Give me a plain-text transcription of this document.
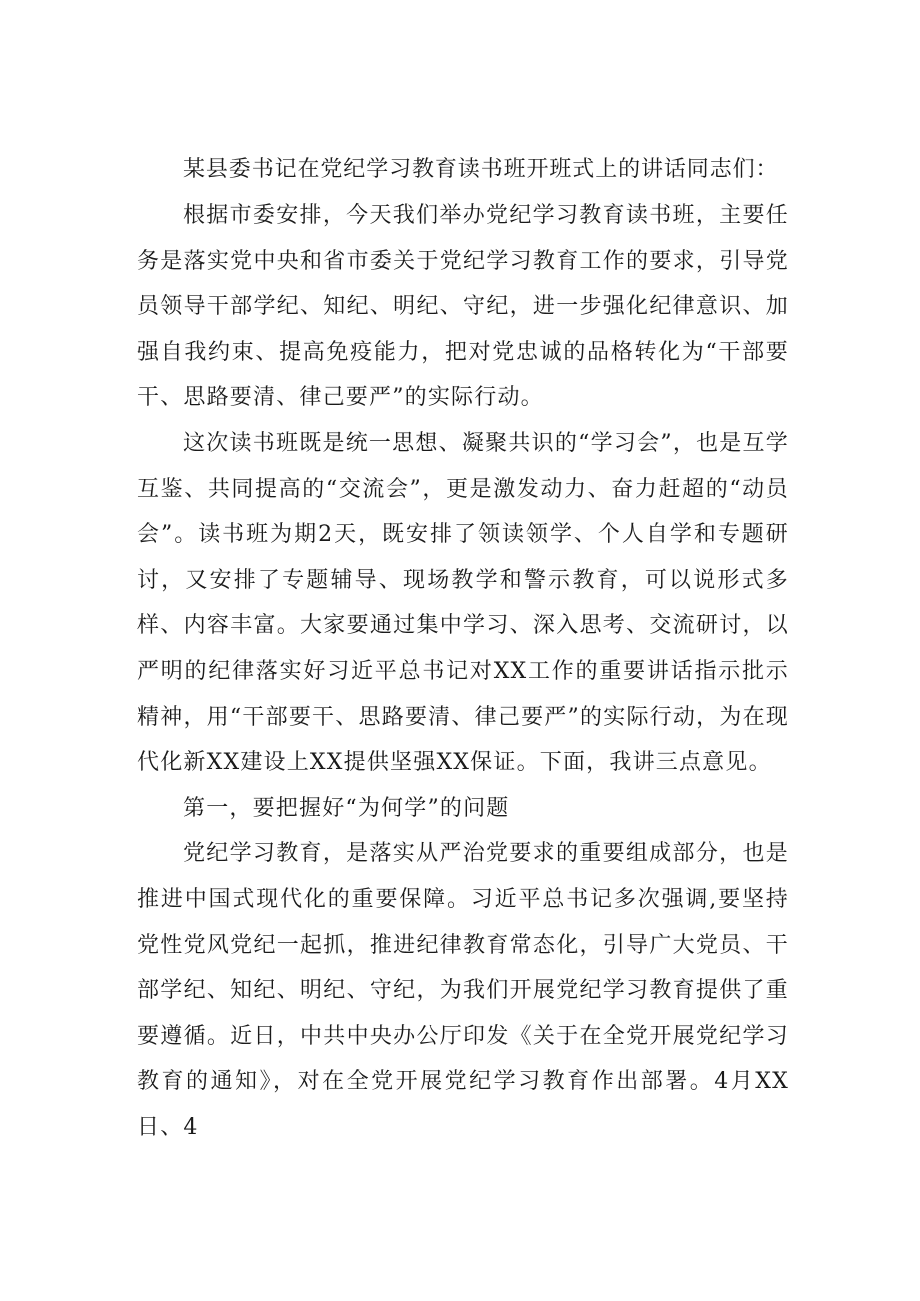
某县委书记在党纪学习教育读书班开班式上的讲话同志们：

根据市委安排，今天我们举办党纪学习教育读书班，主要任务是落实党中央和省市委关于党纪学习教育工作的要求，引导党员领导干部学纪、知纪、明纪、守纪，进一步强化纪律意识、加强自我约束、提高免疫能力，把对党忠诚的品格转化为“干部要干、思路要清、律己要严”的实际行动。

这次读书班既是统一思想、凝聚共识的“学习会”，也是互学互鉴、共同提高的“交流会”，更是激发动力、奋力赶超的“动员会”。读书班为期2天，既安排了领读领学、个人自学和专题研讨，又安排了专题辅导、现场教学和警示教育，可以说形式多样、内容丰富。大家要通过集中学习、深入思考、交流研讨，以严明的纪律落实好习近平总书记对XX工作的重要讲话指示批示精神，用“干部要干、思路要清、律己要严”的实际行动，为在现代化新XX建设上XX提供坚强XX保证。下面，我讲三点意见。

第一，要把握好“为何学”的问题

党纪学习教育，是落实从严治党要求的重要组成部分，也是推进中国式现代化的重要保障。习近平总书记多次强调,要坚持党性党风党纪一起抓，推进纪律教育常态化，引导广大党员、干部学纪、知纪、明纪、守纪，为我们开展党纪学习教育提供了重要遵循。近日，中共中央办公厅印发《关于在全党开展党纪学习教育的通知》，对在全党开展党纪学习教育作出部署。4月XX日、4
